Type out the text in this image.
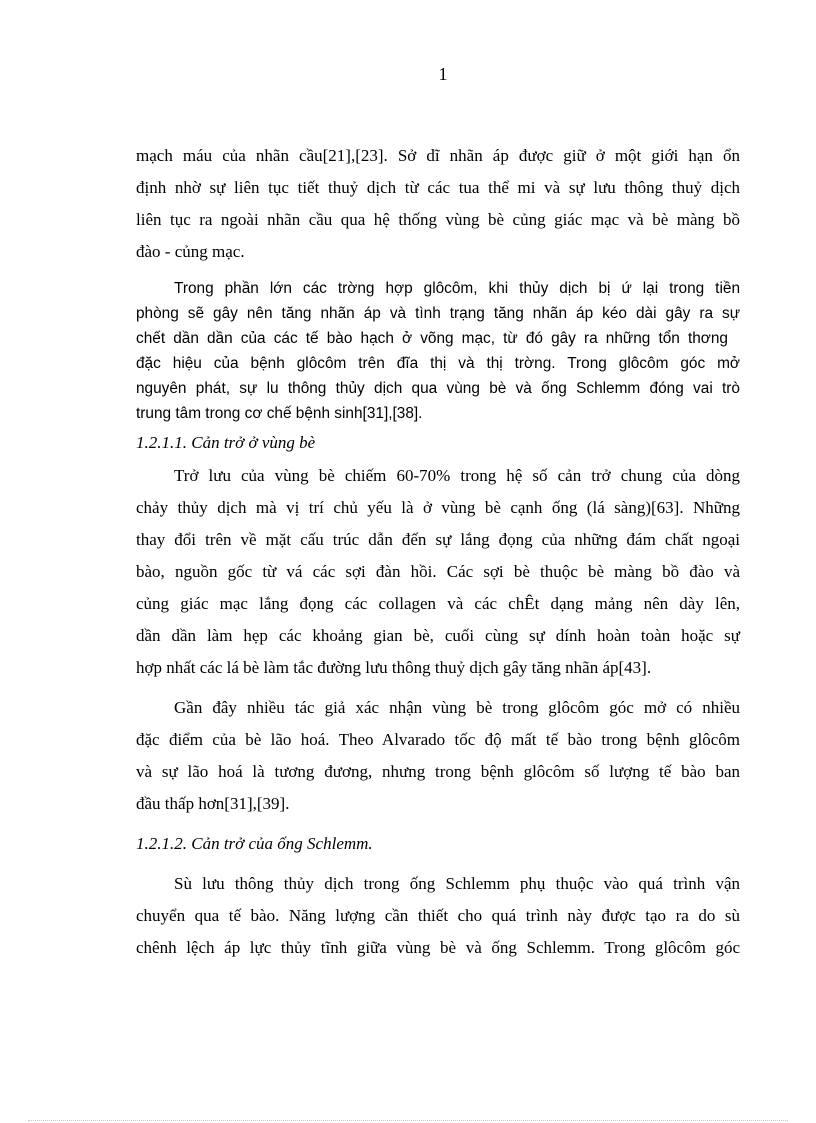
1
mạch máu của nhãn cầu[21],[23]. Sở dĩ nhãn áp được giữ ở một giới hạn ổn
định nhờ sự liên tục tiết thuỷ dịch từ các tua thể mi và sự lưu thông thuỷ dịch
liên tục ra ngoài nhãn cầu qua hệ thống vùng bè củng giác mạc và bè màng bồ
đào - củng mạc.
Trong phần lớn các trờng hợp glôcôm, khi thủy dịch bị ứ lại trong tiền
phòng sẽ gây nên tăng nhãn áp và tình trạng tăng nhãn áp kéo dài gây ra sự
chết dần dần của các tế bào hạch ở võng mạc, từ đó gây ra những tổn thơng
đặc hiệu của bệnh glôcôm trên đĩa thị và thị trờng. Trong glôcôm góc mở
nguyên phát, sự lu thông thủy dịch qua vùng bè và ống Schlemm đóng vai trò
trung tâm trong cơ chế bệnh sinh[31],[38].

1.2.1.1. Cản trở ở vùng bè

Trở lưu của vùng bè chiếm 60-70% trong hệ số cản trở chung của dòng
chảy thủy dịch mà vị trí chủ yếu là ở vùng bè cạnh ống (lá sàng)[63]. Những
thay đổi trên về mặt cấu trúc dẫn đến sự lắng đọng của những đám chất ngoại
bào, nguồn gốc từ vá các sợi đàn hồi. Các sợi bè thuộc bè màng bồ đào và
củng giác mạc lắng đọng các collagen và các chÊt dạng mảng nên dày lên,
dần dần làm hẹp các khoảng gian bè, cuối cùng sự dính hoàn toàn hoặc sự
hợp nhất các lá bè làm tắc đường lưu thông thuỷ dịch gây tăng nhãn áp[43].
Gần đây nhiều tác giả xác nhận vùng bè trong glôcôm góc mở có nhiều
đặc điểm của bè lão hoá. Theo Alvarado tốc độ mất tế bào trong bệnh glôcôm
và sự lão hoá là tương đương, nhưng trong bệnh glôcôm số lượng tế bào ban
đầu thấp hơn[31],[39].

1.2.1.2. Cản trở của ống Schlemm.

Sù lưu thông thủy dịch trong ống Schlemm phụ thuộc vào quá trình vận
chuyển qua tế bào. Năng lượng cần thiết cho quá trình này được tạo ra do sù
chênh lệch áp lực thủy tĩnh giữa vùng bè và ống Schlemm. Trong glôcôm góc
